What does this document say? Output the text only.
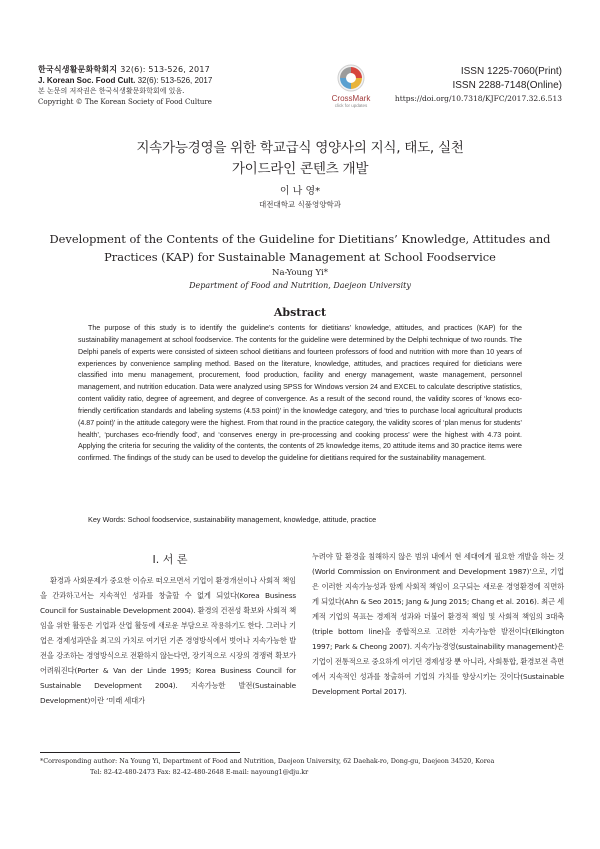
한국식생활문화학회지 32(6): 513-526, 2017
J. Korean Soc. Food Cult. 32(6): 513-526, 2017
본 논문의 저작권은 한국식생활문화학회에 있음.
Copyright © The Korean Society of Food Culture	CrossMark
click for updates
ISSN 1225-7060(Print)
ISSN 2288-7148(Online)
https://doi.org/10.7318/KJFC/2017.32.6.513
지속가능경영을 위한 학교급식 영양사의 지식, 태도, 실천
가이드라인 콘텐츠 개발
이 나 영*
대전대학교 식품영양학과
Development of the Contents of the Guideline for Dietitians’ Knowledge, Attitudes and
Practices (KAP) for Sustainable Management at School Foodservice
Na-Young Yi*
Department of Food and Nutrition, Daejeon University
Abstract

The purpose of this study is to identify the guideline’s contents for dietitians’ knowledge, attitudes, and practices (KAP) for the sustainability management at school foodservice. The contents for the guideline were determined by the Delphi technique of two rounds. The Delphi panels of experts were consisted of sixteen school dietitians and fourteen professors of food and nutrition with more than 10 years of experiences by convenience sampling method. Based on the literature, knowledge, attitudes, and practices required for dieticians were classified into menu management, procurement, food production, facility and energy management, waste management, personnel management, and nutrition education. Data were analyzed using SPSS for Windows version 24 and EXCEL to calculate descriptive statistics, content validity ratio, degree of agreement, and degree of convergence. As a result of the second round, the validity scores of ‘knows eco-friendly certification standards and labeling systems (4.53 point)’ in the knowledge category, and ‘tries to purchase local agricultural products (4.87 point)’ in the attitude category were the highest. From that round in the practice category, the validity scores of ‘plan menus for students’ health’, ‘purchases eco-friendly food’, and ‘conserves energy in pre-processing and cooking process’ were the highest with 4.73 point. Applying the criteria for securing the validity of the contents, the contents of 25 knowledge items, 20 attitude items and 30 practice items were confirmed. The findings of the study can be used to develop the guideline for dietitians required for the sustainability management.

Key Words: School foodservice, sustainability management, knowledge, attitude, practice
I. 서 론

환경과 사회문제가 중요한 이슈로 떠오르면서 기업이 환경개선이나 사회적 책임을 간과하고서는 지속적인 성과를 창출할 수 없게 되었다(Korea Business Council for Sustainable Development 2004). 환경의 건전성 확보와 사회적 책임을 위한 활동은 기업과 산업 활동에 새로운 부담으로 작용하기도 한다. 그러나 기업은 경제성과만을 최고의 가치로 여기던 기존 경영방식에서 벗어나 지속가능한 발전을 강조하는 경영방식으로 전환하지 않는다면, 장기적으로 시장의 경쟁력 확보가 어려워진다(Porter & Van der Linde 1995; Korea Business Council for Sustainable Development 2004). 지속가능한 발전(Sustainable Development)이란 ‘미래 세대가

누려야 할 환경을 침해하지 않은 범위 내에서 현 세대에게 필요한 개발을 하는 것(World Commission on Environment and Development 1987)’으로, 기업은 이러한 지속가능성과 함께 사회적 책임이 요구되는 새로운 경영환경에 직면하게 되었다(Ahn & Seo 2015; Jang & Jung 2015; Chang et al. 2016). 최근 세계적 기업의 목표는 경제적 성과와 더불어 환경적 책임 및 사회적 책임의 3대축(triple bottom line)을 종합적으로 고려한 지속가능한 발전이다(Elkington 1997; Park & Cheong 2007). 지속가능경영(sustainability management)은 기업이 전통적으로 중요하게 여기던 경제성장 뿐 아니라, 사회통합, 환경보전 측면에서 지속적인 성과를 창출하여 기업의 가치를 향상시키는 것이다(Sustainable Development Portal 2017).

*Corresponding author: Na Young Yi, Department of Food and Nutrition, Daejeon University, 62 Daehak-ro, Dong-gu, Daejeon 34520, Korea
Tel: 82-42-480-2473 Fax: 82-42-480-2648 E-mail: nayoung1@dju.kr
